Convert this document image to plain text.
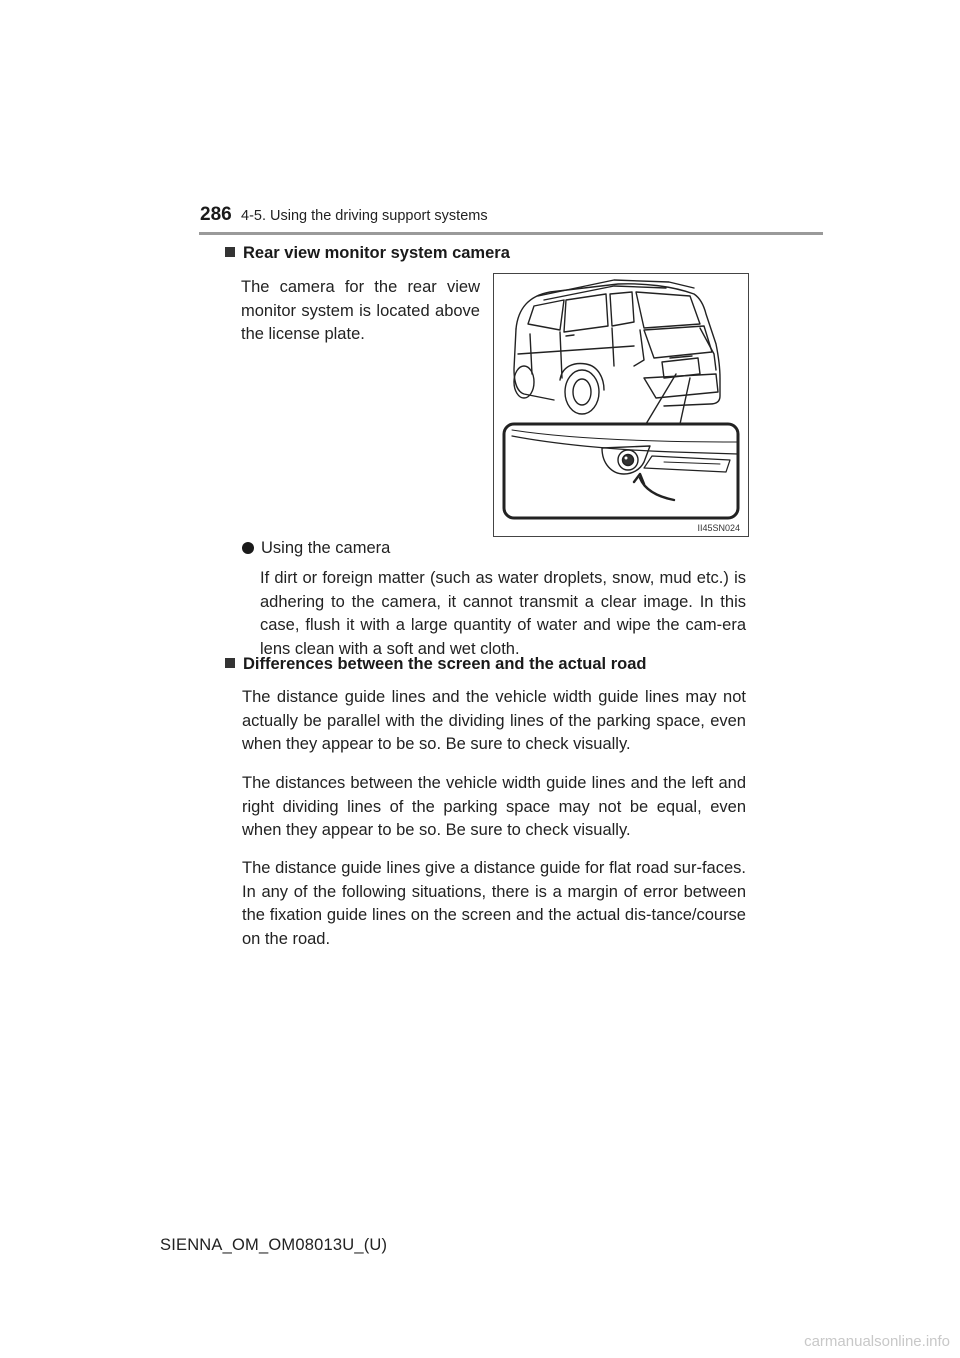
286 4-5. Using the driving support systems
Rear view monitor system camera
The camera for the rear view monitor system is located above the license plate.
II45SN024
Using the camera
If dirt or foreign matter (such as water droplets, snow, mud etc.) is adhering to the camera, it cannot transmit a clear image. In this case, flush it with a large quantity of water and wipe the cam-era lens clean with a soft and wet cloth.
Differences between the screen and the actual road
The distance guide lines and the vehicle width guide lines may not actually be parallel with the dividing lines of the parking space, even when they appear to be so. Be sure to check visually.
The distances between the vehicle width guide lines and the left and right dividing lines of the parking space may not be equal, even when they appear to be so. Be sure to check visually.
The distance guide lines give a distance guide for flat road sur-faces. In any of the following situations, there is a margin of error between the fixation guide lines on the screen and the actual dis-tance/course on the road.
SIENNA_OM_OM08013U_(U)
carmanualsonline.info
